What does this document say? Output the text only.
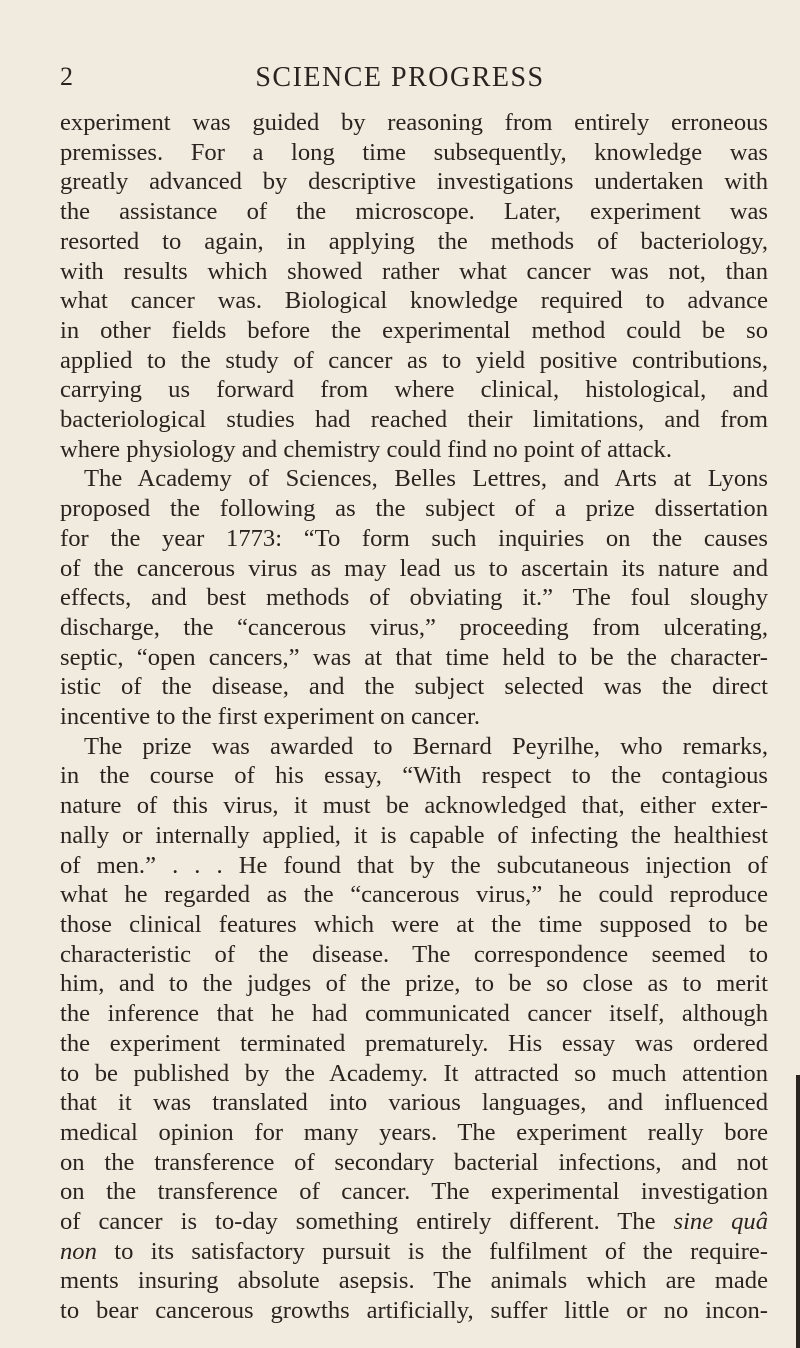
2	SCIENCE PROGRESS

experiment was guided by reasoning from entirely erroneous
premisses. For a long time subsequently, knowledge was
greatly advanced by descriptive investigations undertaken with
the assistance of the microscope. Later, experiment was
resorted to again, in applying the methods of bacteriology,
with results which showed rather what cancer was not, than
what cancer was. Biological knowledge required to advance
in other fields before the experimental method could be so
applied to the study of cancer as to yield positive contributions,
carrying us forward from where clinical, histological, and
bacteriological studies had reached their limitations, and from
where physiology and chemistry could find no point of attack.

The Academy of Sciences, Belles Lettres, and Arts at Lyons
proposed the following as the subject of a prize dissertation
for the year 1773: “To form such inquiries on the causes
of the cancerous virus as may lead us to ascertain its nature and
effects, and best methods of obviating it.” The foul sloughy
discharge, the “cancerous virus,” proceeding from ulcerating,
septic, “open cancers,” was at that time held to be the character-
istic of the disease, and the subject selected was the direct
incentive to the first experiment on cancer.

The prize was awarded to Bernard Peyrilhe, who remarks,
in the course of his essay, “With respect to the contagious
nature of this virus, it must be acknowledged that, either exter-
nally or internally applied, it is capable of infecting the healthiest
of men.” . . . He found that by the subcutaneous injection of
what he regarded as the “cancerous virus,” he could reproduce
those clinical features which were at the time supposed to be
characteristic of the disease. The correspondence seemed to
him, and to the judges of the prize, to be so close as to merit
the inference that he had communicated cancer itself, although
the experiment terminated prematurely. His essay was ordered
to be published by the Academy. It attracted so much attention
that it was translated into various languages, and influenced
medical opinion for many years. The experiment really bore
on the transference of secondary bacterial infections, and not
on the transference of cancer. The experimental investigation
of cancer is to-day something entirely different. The sine quâ
non to its satisfactory pursuit is the fulfilment of the require-
ments insuring absolute asepsis. The animals which are made
to bear cancerous growths artificially, suffer little or no incon-
